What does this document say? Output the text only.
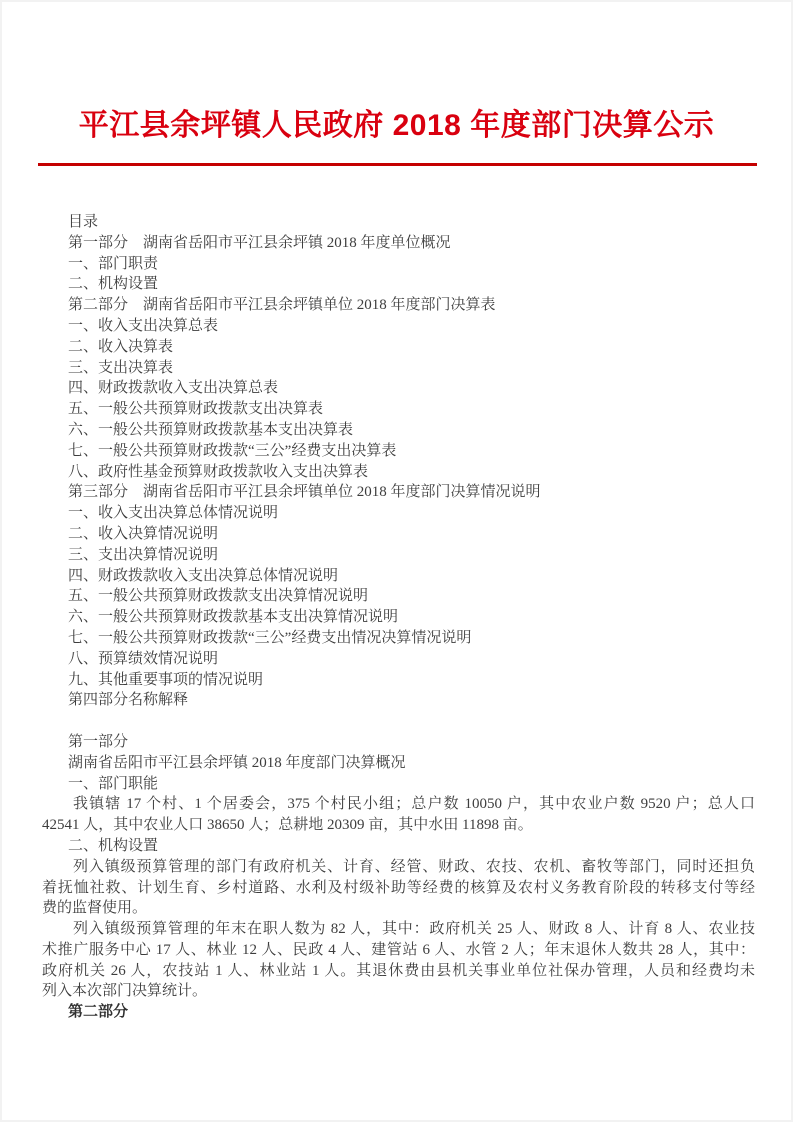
平江县余坪镇人民政府 2018 年度部门决算公示
目录
第一部分　湖南省岳阳市平江县余坪镇 2018 年度单位概况
一、部门职责
二、机构设置
第二部分　湖南省岳阳市平江县余坪镇单位 2018 年度部门决算表
一、收入支出决算总表
二、收入决算表
三、支出决算表
四、财政拨款收入支出决算总表
五、一般公共预算财政拨款支出决算表
六、一般公共预算财政拨款基本支出决算表
七、一般公共预算财政拨款“三公”经费支出决算表
八、政府性基金预算财政拨款收入支出决算表
第三部分　湖南省岳阳市平江县余坪镇单位 2018 年度部门决算情况说明
一、收入支出决算总体情况说明
二、收入决算情况说明
三、支出决算情况说明
四、财政拨款收入支出决算总体情况说明
五、一般公共预算财政拨款支出决算情况说明
六、一般公共预算财政拨款基本支出决算情况说明
七、一般公共预算财政拨款“三公”经费支出情况决算情况说明
八、预算绩效情况说明
九、其他重要事项的情况说明
第四部分名称解释
第一部分
湖南省岳阳市平江县余坪镇 2018 年度部门决算概况
一、部门职能
我镇辖 17 个村、1 个居委会，375 个村民小组；总户数 10050 户，其中农业户数 9520 户；总人口
42541 人，其中农业人口 38650 人；总耕地 20309 亩，其中水田 11898 亩。
二、机构设置
列入镇级预算管理的部门有政府机关、计育、经管、财政、农技、农机、畜牧等部门，同时还担负
着抚恤社救、计划生育、乡村道路、水利及村级补助等经费的核算及农村义务教育阶段的转移支付等经
费的监督使用。
列入镇级预算管理的年末在职人数为 82 人，其中：政府机关 25 人、财政 8 人、计育 8 人、农业技
术推广服务中心 17 人、林业 12 人、民政 4 人、建管站 6 人、水管 2 人；年末退休人数共 28 人，其中：
政府机关 26 人，农技站 1 人、林业站 1 人。其退休费由县机关事业单位社保办管理，人员和经费均未
列入本次部门决算统计。
第二部分
